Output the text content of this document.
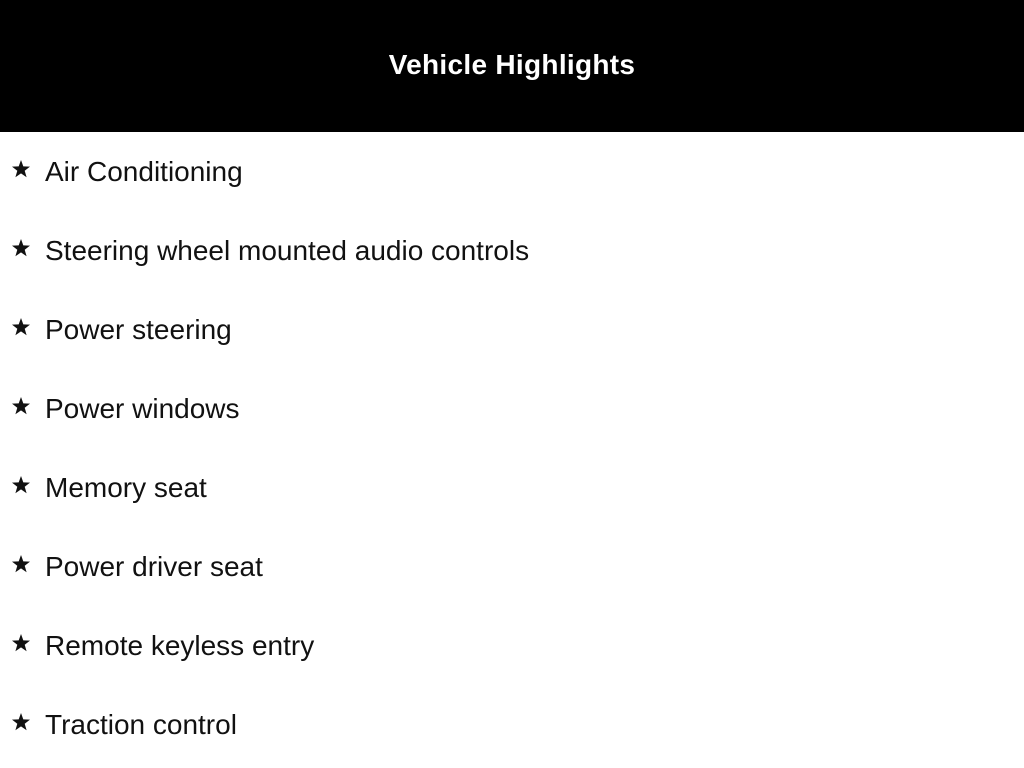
Vehicle Highlights
Air Conditioning
Steering wheel mounted audio controls
Power steering
Power windows
Memory seat
Power driver seat
Remote keyless entry
Traction control
